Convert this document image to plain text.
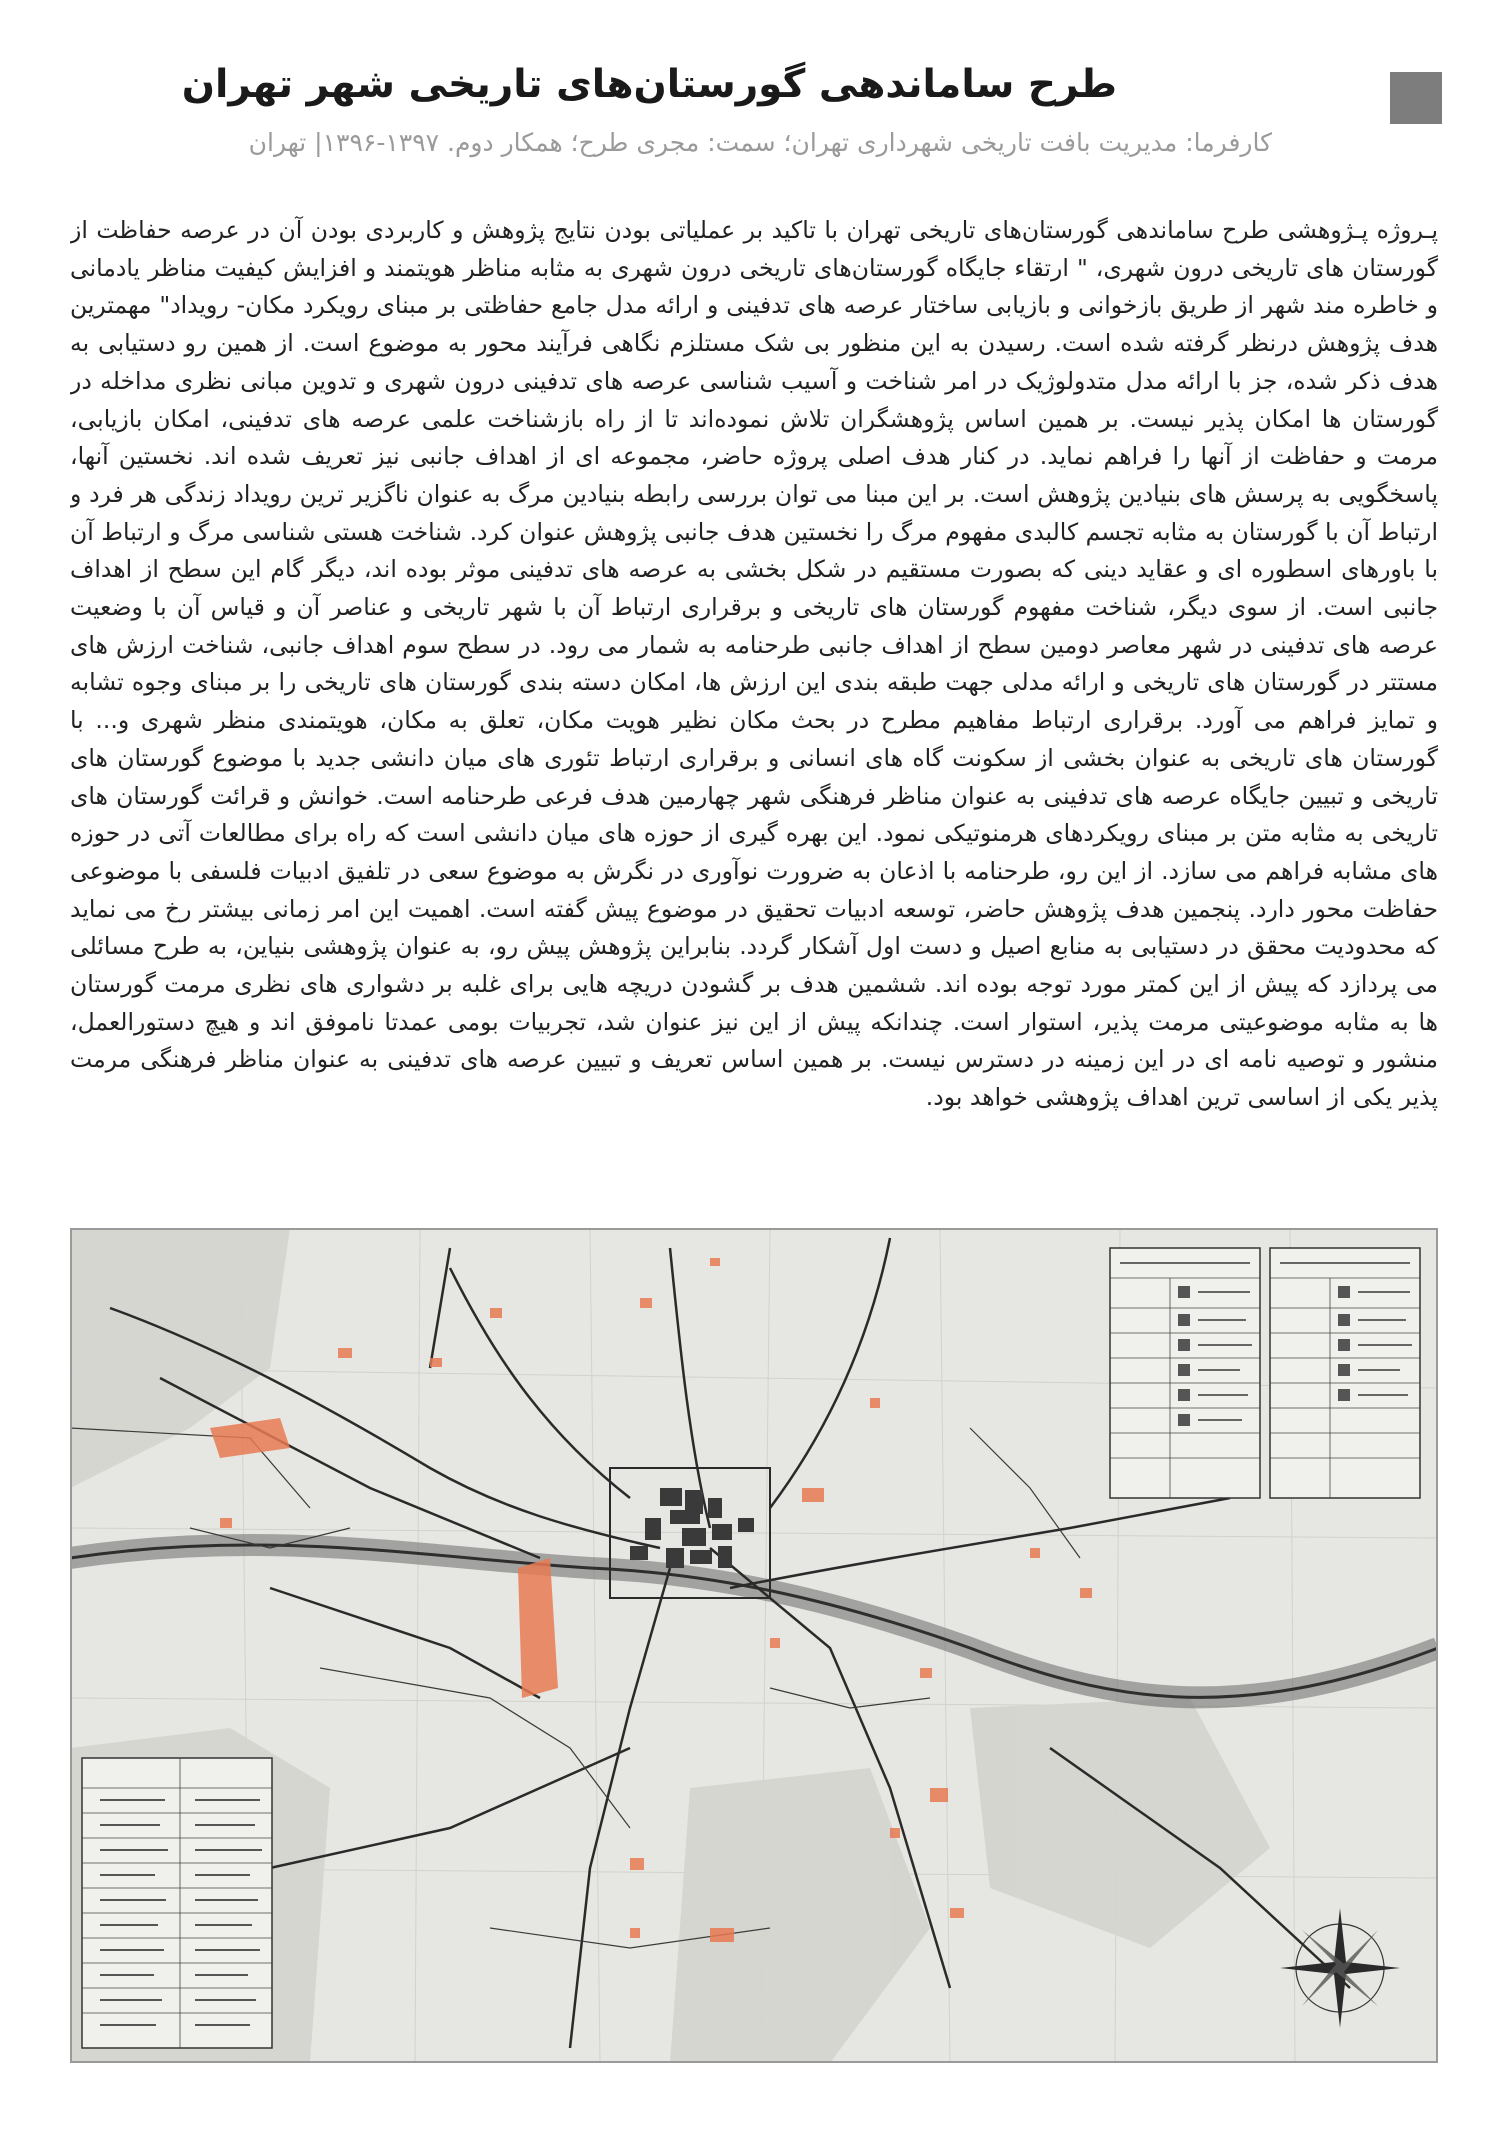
طرح ساماندهی گورستان‌های تاریخی شهر تهران

کارفرما: مدیریت بافت تاریخی شهرداری تهران؛ سمت: مجری طرح؛ همکار دوم. ۱۳۹۷-۱۳۹۶| تهران

پـروژه پـژوهشی طرح ساماندهی گورستان‌های تاریخی تهران با تاکید بر عملیاتی بودن نتایج پژوهش و کاربردی بودن آن در عرصه حفاظت از گورستان های تاریخی درون شهری، " ارتقاء جایگاه گورستان‌های تاریخی درون شهری به مثابه مناظر هویتمند و افزایش کیفیت مناظر یادمانی و خاطره مند شهر از طریق بازخوانی و بازیابی ساختار عرصه های تدفینی و ارائه مدل جامع حفاظتی بر مبنای رویکرد مکان- رویداد" مهمترین هدف پژوهش درنظر گرفته شده است. رسیدن به این منظور بی شک مستلزم نگاهی فرآیند محور به موضوع است. از همین رو دستیابی به هدف ذکر شده، جز با ارائه مدل متدولوژیک در امر شناخت و آسیب شناسی عرصه های تدفینی درون شهری و تدوین مبانی نظری مداخله در گورستان ها امکان پذیر نیست. بر همین اساس پژوهشگران تلاش نموده‌اند تا از راه بازشناخت علمی عرصه های تدفینی، امکان بازیابی، مرمت و حفاظت از آنها را فراهم نماید. در کنار هدف اصلی پروژه حاضر، مجموعه ای از اهداف جانبی نیز تعریف شده اند. نخستین آنها، پاسخگویی به پرسش های بنیادین پژوهش است. بر این مبنا می توان بررسی رابطه بنیادین مرگ به عنوان ناگزیر ترین رویداد زندگی هر فرد و ارتباط آن با گورستان به مثابه تجسم کالبدی مفهوم مرگ را نخستین هدف جانبی پژوهش عنوان کرد. شناخت هستی شناسی مرگ و ارتباط آن با باورهای اسطوره ای و عقاید دینی که بصورت مستقیم در شکل بخشی به عرصه های تدفینی موثر بوده اند، دیگر گام این سطح از اهداف جانبی است. از سوی دیگر، شناخت مفهوم گورستان های تاریخی و برقراری ارتباط آن با شهر تاریخی و عناصر آن و قیاس آن با وضعیت عرصه های تدفینی در شهر معاصر دومین سطح از اهداف جانبی طرحنامه به شمار می رود. در سطح سوم اهداف جانبی، شناخت ارزش های مستتر در گورستان های تاریخی و ارائه مدلی جهت طبقه بندی این ارزش ها، امکان دسته بندی گورستان های تاریخی را بر مبنای وجوه تشابه و تمایز فراهم می آورد. برقراری ارتباط مفاهیم مطرح در بحث مکان نظیر هویت مکان، تعلق به مکان، هویتمندی منظر شهری و... با گورستان های تاریخی به عنوان بخشی از سکونت گاه های انسانی و برقراری ارتباط تئوری های میان دانشی جدید با موضوع گورستان های تاریخی و تبیین جایگاه عرصه های تدفینی به عنوان مناظر فرهنگی شهر چهارمین هدف فرعی طرحنامه است. خوانش و قرائت گورستان های تاریخی به مثابه متن بر مبنای رویکردهای هرمنوتیکی نمود. این بهره گیری از حوزه های میان دانشی است که راه برای مطالعات آتی در حوزه های مشابه فراهم می سازد. از این رو، طرحنامه با اذعان به ضرورت نوآوری در نگرش به موضوع سعی در تلفیق ادبیات فلسفی با موضوعی حفاظت محور دارد. پنجمین هدف پژوهش حاضر، توسعه ادبیات تحقیق در موضوع پیش گفته است. اهمیت این امر زمانی بیشتر رخ می نماید که محدودیت محقق در دستیابی به منابع اصیل و دست اول آشکار گردد. بنابراین پژوهش پیش رو، به عنوان پژوهشی بنیاین، به طرح مسائلی می پردازد که پیش از این کمتر مورد توجه بوده اند. ششمین هدف بر گشودن دریچه هایی برای غلبه بر دشواری های نظری مرمت گورستان ها به مثابه موضوعیتی مرمت پذیر، استوار است. چندانکه پیش از این نیز عنوان شد، تجربیات بومی عمدتا ناموفق اند و هیچ دستورالعمل، منشور و توصیه نامه ای در این زمینه در دسترس نیست. بر همین اساس تعریف و تبیین عرصه های تدفینی به عنوان مناظر فرهنگی مرمت پذیر یکی از اساسی ترین اهداف پژوهشی خواهد بود.
